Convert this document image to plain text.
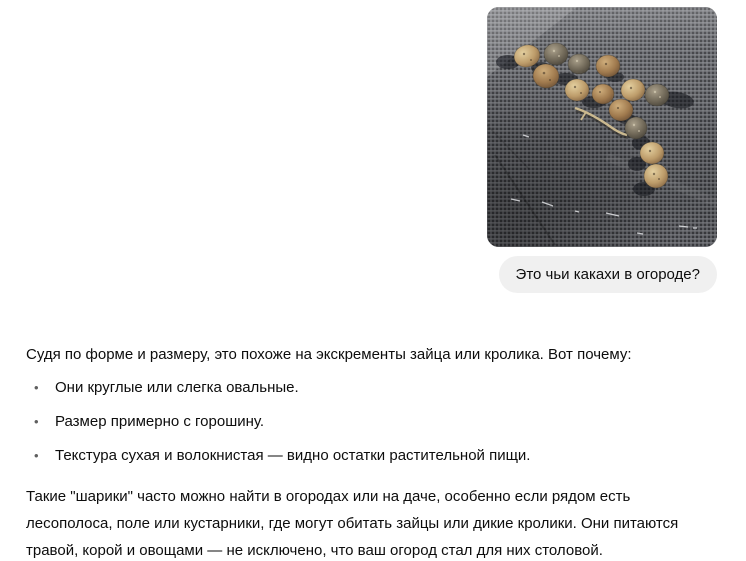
Это чьи какахи в огороде?

Судя по форме и размеру, это похоже на экскременты зайца или кролика. Вот почему:

• Они круглые или слегка овальные.
• Размер примерно с горошину.
• Текстура сухая и волокнистая — видно остатки растительной пищи.

Такие "шарики" часто можно найти в огородах или на даче, особенно если рядом есть лесополоса, поле или кустарники, где могут обитать зайцы или дикие кролики. Они питаются травой, корой и овощами — не исключено, что ваш огород стал для них столовой.
